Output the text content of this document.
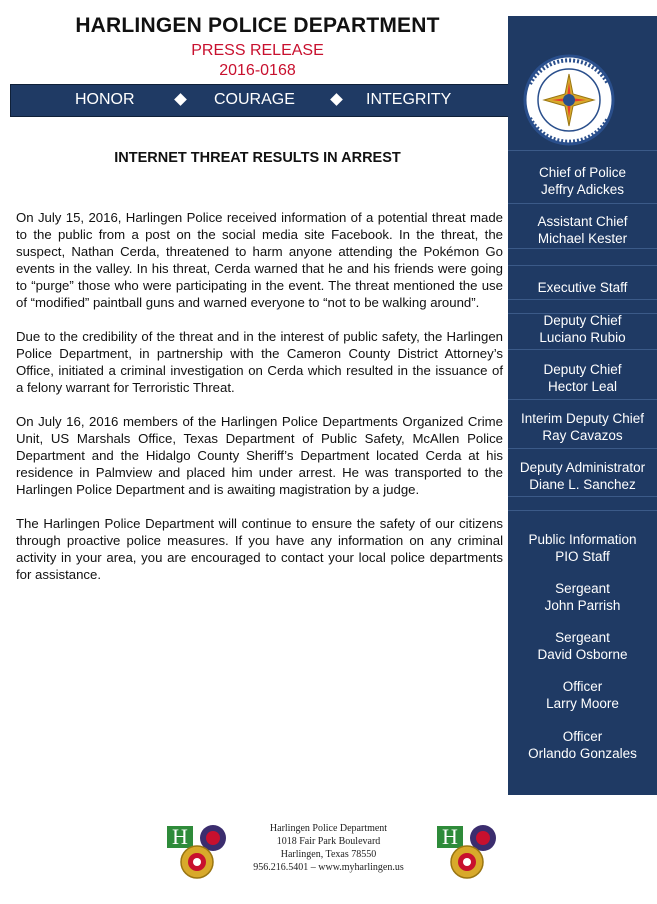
HARLINGEN POLICE DEPARTMENT
PRESS RELEASE
2016-0168
HONOR	COURAGE	INTEGRITY
INTERNET THREAT RESULTS IN ARREST

On July 15, 2016, Harlingen Police received information of a potential threat made to the public from a post on the social media site Facebook. In the threat, the suspect, Nathan Cerda, threatened to harm anyone attending the Pokémon Go events in the valley. In his threat, Cerda warned that he and his friends were going to “purge” those who were participating in the event. The threat mentioned the use of “modified” paintball guns and warned everyone to “not to be walking around”.

Due to the credibility of the threat and in the interest of public safety, the Harlingen Police Department, in partnership with the Cameron County District Attorney’s Office, initiated a criminal investigation on Cerda which resulted in the issuance of a felony warrant for Terroristic Threat.

On July 16, 2016 members of the Harlingen Police Departments Organized Crime Unit, US Marshals Office, Texas Department of Public Safety, McAllen Police Department and the Hidalgo County Sheriff’s Department located Cerda at his residence in Palmview and placed him under arrest. He was transported to the Harlingen Police Department and is awaiting magistration by a judge.

The Harlingen Police Department will continue to ensure the safety of our citizens through proactive police measures. If you have any information on any criminal activity in your area, you are encouraged to contact your local police departments for assistance.

Chief of Police
Jeffry Adickes
Assistant Chief
Michael Kester
Executive Staff
Deputy Chief
Luciano Rubio
Deputy Chief
Hector Leal
Interim Deputy Chief
Ray Cavazos
Deputy Administrator
Diane L. Sanchez
Public Information
PIO Staff
Sergeant
John Parrish
Sergeant
David Osborne
Officer
Larry Moore
Officer
Orlando Gonzales
H	Harlingen Police Department
1018 Fair Park Boulevard
Harlingen, Texas 78550
956.216.5401 – www.myharlingen.us
H
